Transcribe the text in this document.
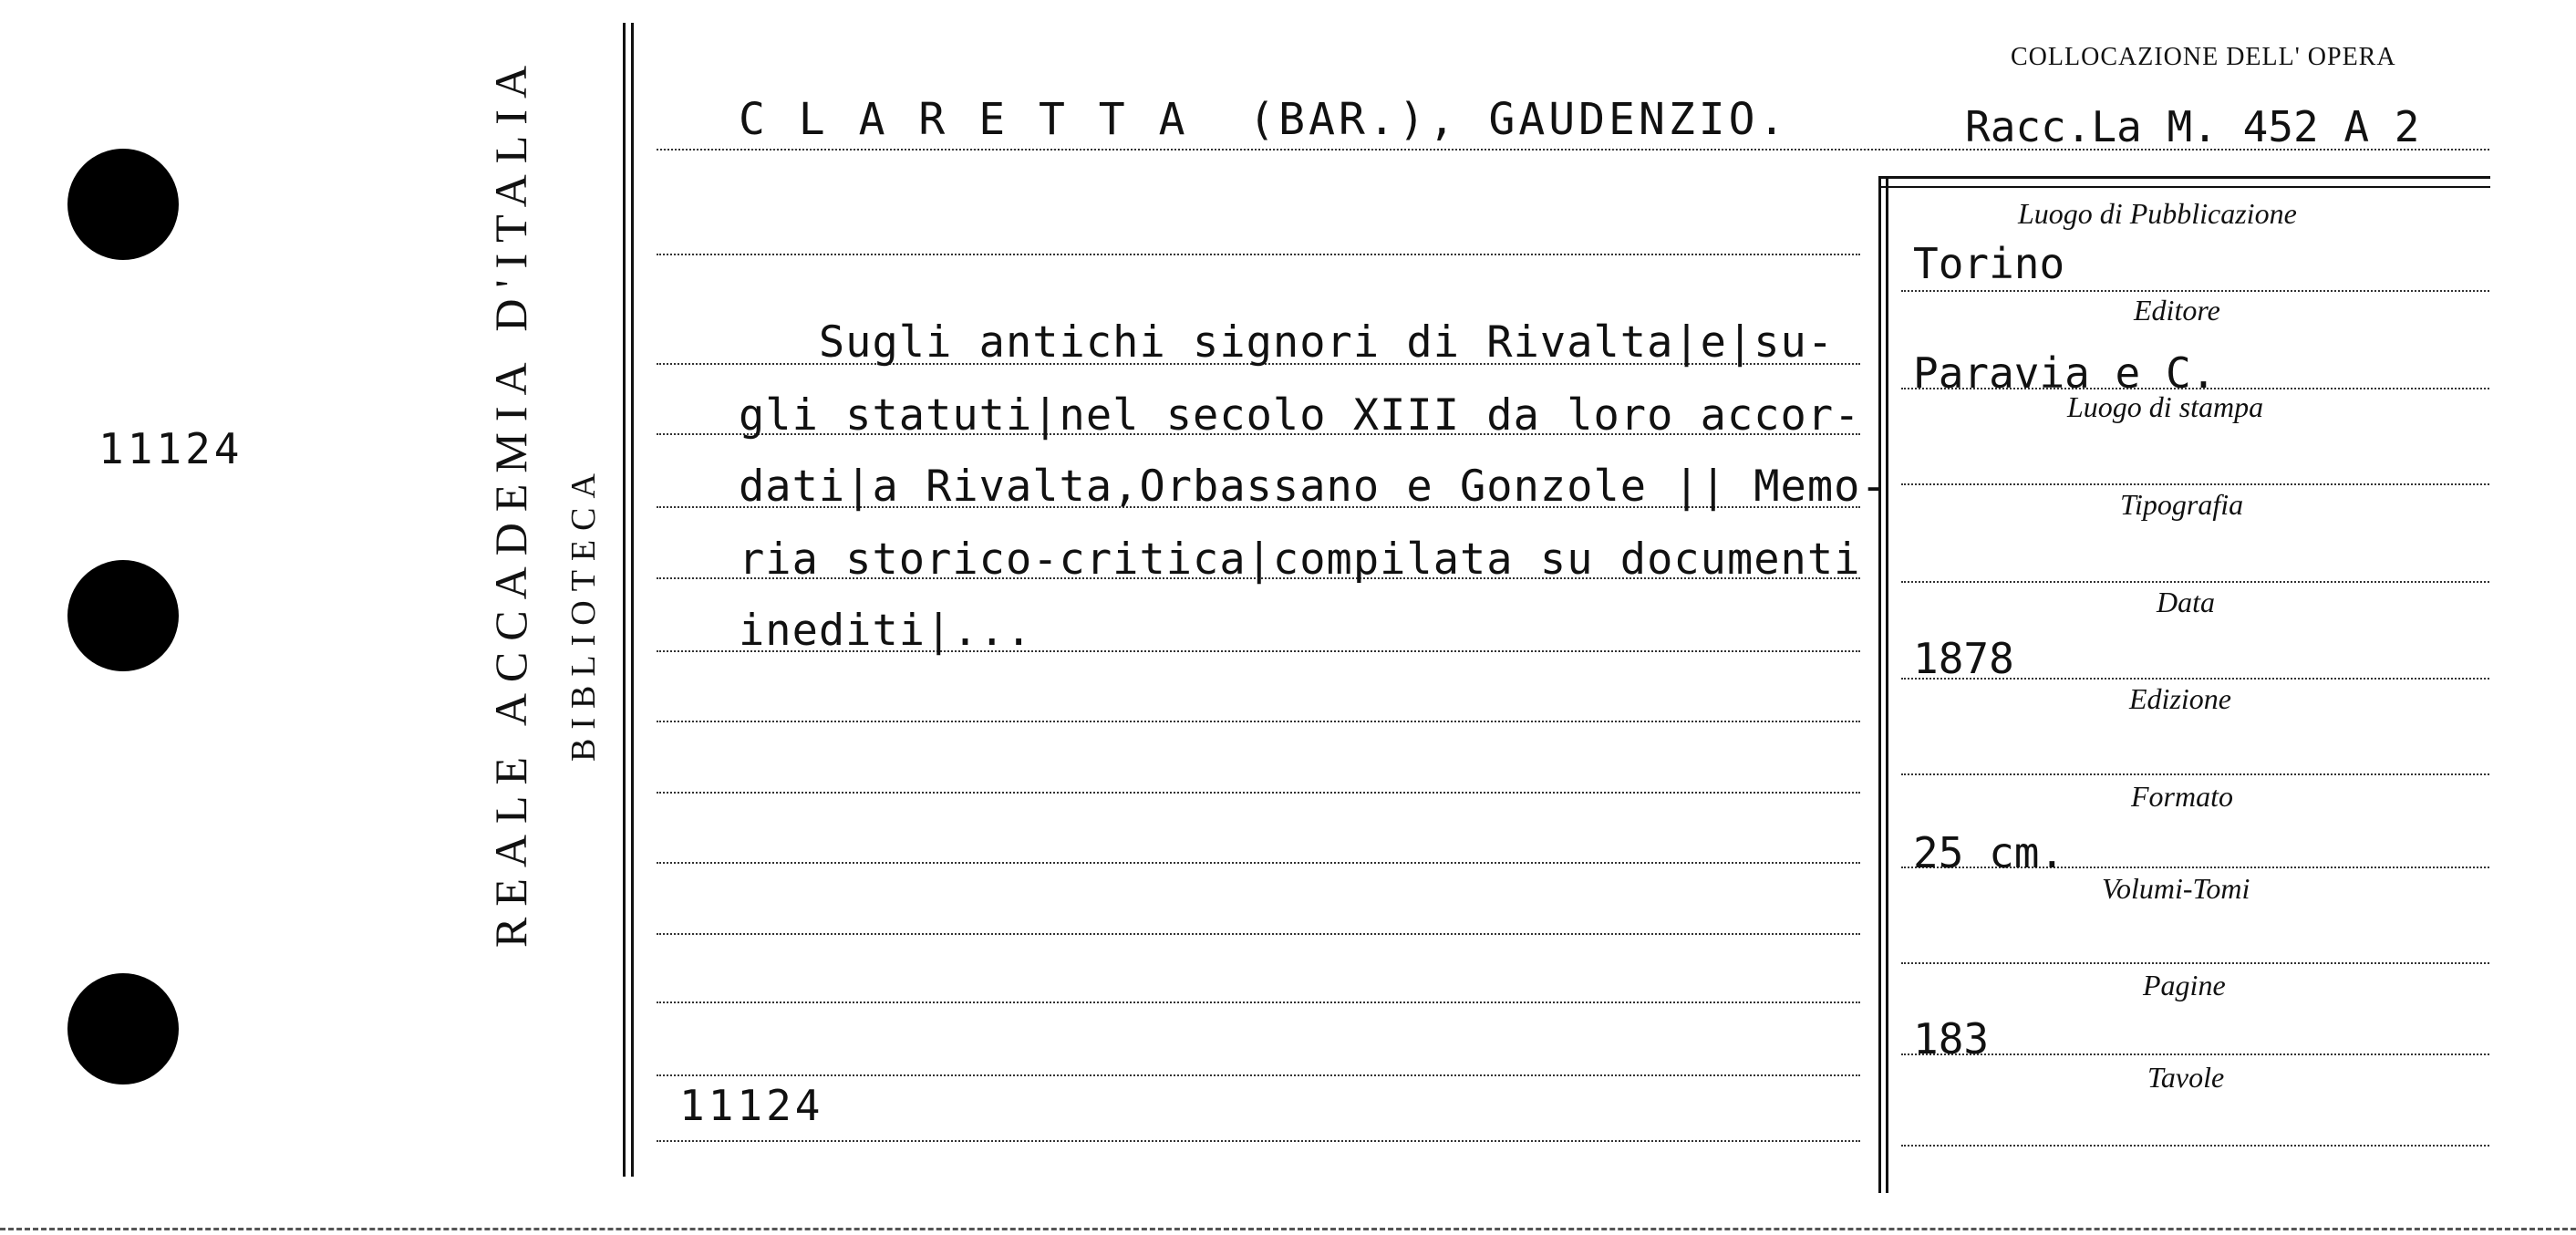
11124	REALE ACCADEMIA D'ITALIA BIBLIOTECA
COLLOCAZIONE DELL' OPERA
Racc.La M. 452 A 2
C L A R E T T A  (BAR.), GAUDENZIO.
Sugli antichi signori di Rivalta|e|su-
gli statuti|nel secolo XIII da loro accor-
dati|a Rivalta,Orbassano e Gonzole || Memo-
ria storico-critica|compilata su documenti
inediti|...
11124
Luogo di Pubblicazione
Editore
Luogo di stampa
Tipografia
Data
Edizione
Formato
Volumi-Tomi
Pagine
Tavole
Torino
Paravia e C.
1878
25 cm.
183
